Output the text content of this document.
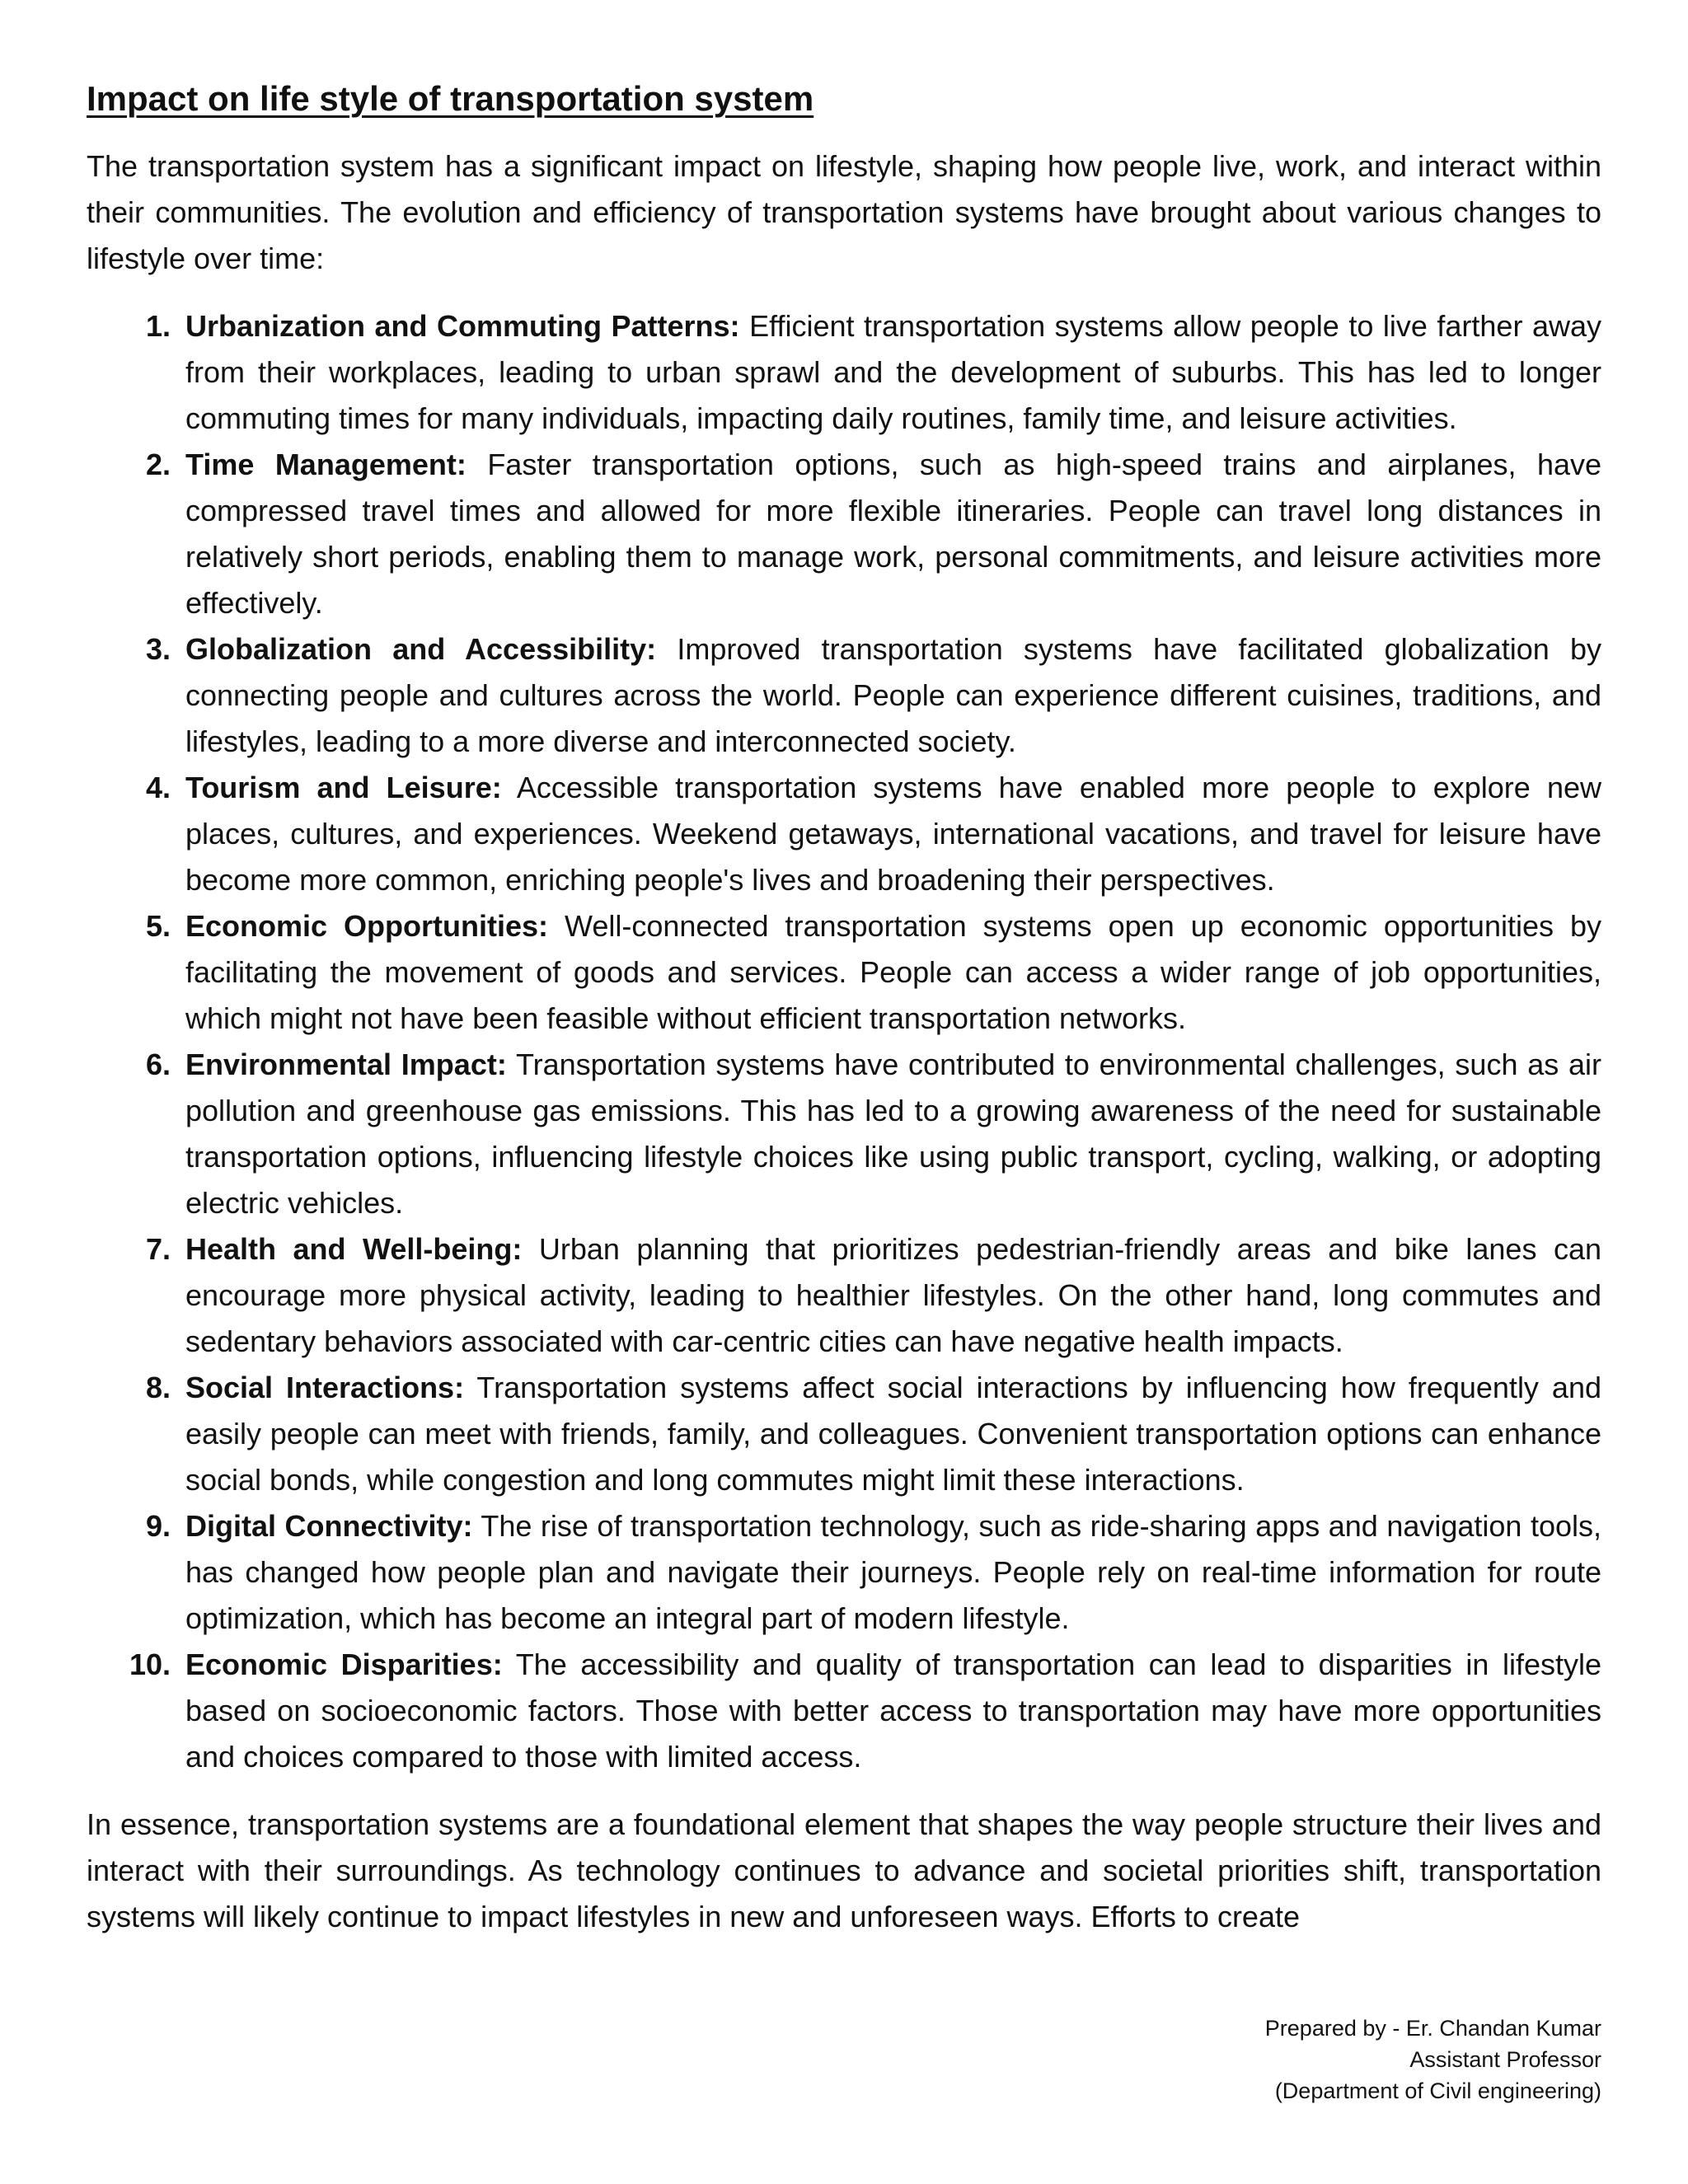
Impact on life style of transportation system

The transportation system has a significant impact on lifestyle, shaping how people live, work, and interact within their communities. The evolution and efficiency of transportation systems have brought about various changes to lifestyle over time:

1. Urbanization and Commuting Patterns: Efficient transportation systems allow people to live farther away from their workplaces, leading to urban sprawl and the development of suburbs. This has led to longer commuting times for many individuals, impacting daily routines, family time, and leisure activities.
2. Time Management: Faster transportation options, such as high-speed trains and airplanes, have compressed travel times and allowed for more flexible itineraries. People can travel long distances in relatively short periods, enabling them to manage work, personal commitments, and leisure activities more effectively.
3. Globalization and Accessibility: Improved transportation systems have facilitated globalization by connecting people and cultures across the world. People can experience different cuisines, traditions, and lifestyles, leading to a more diverse and interconnected society.
4. Tourism and Leisure: Accessible transportation systems have enabled more people to explore new places, cultures, and experiences. Weekend getaways, international vacations, and travel for leisure have become more common, enriching people's lives and broadening their perspectives.
5. Economic Opportunities: Well-connected transportation systems open up economic opportunities by facilitating the movement of goods and services. People can access a wider range of job opportunities, which might not have been feasible without efficient transportation networks.
6. Environmental Impact: Transportation systems have contributed to environmental challenges, such as air pollution and greenhouse gas emissions. This has led to a growing awareness of the need for sustainable transportation options, influencing lifestyle choices like using public transport, cycling, walking, or adopting electric vehicles.
7. Health and Well-being: Urban planning that prioritizes pedestrian-friendly areas and bike lanes can encourage more physical activity, leading to healthier lifestyles. On the other hand, long commutes and sedentary behaviors associated with car-centric cities can have negative health impacts.
8. Social Interactions: Transportation systems affect social interactions by influencing how frequently and easily people can meet with friends, family, and colleagues. Convenient transportation options can enhance social bonds, while congestion and long commutes might limit these interactions.
9. Digital Connectivity: The rise of transportation technology, such as ride-sharing apps and navigation tools, has changed how people plan and navigate their journeys. People rely on real-time information for route optimization, which has become an integral part of modern lifestyle.
10. Economic Disparities: The accessibility and quality of transportation can lead to disparities in lifestyle based on socioeconomic factors. Those with better access to transportation may have more opportunities and choices compared to those with limited access.

In essence, transportation systems are a foundational element that shapes the way people structure their lives and interact with their surroundings. As technology continues to advance and societal priorities shift, transportation systems will likely continue to impact lifestyles in new and unforeseen ways. Efforts to create

Prepared by - Er. Chandan Kumar
Assistant Professor
(Department of Civil engineering)
